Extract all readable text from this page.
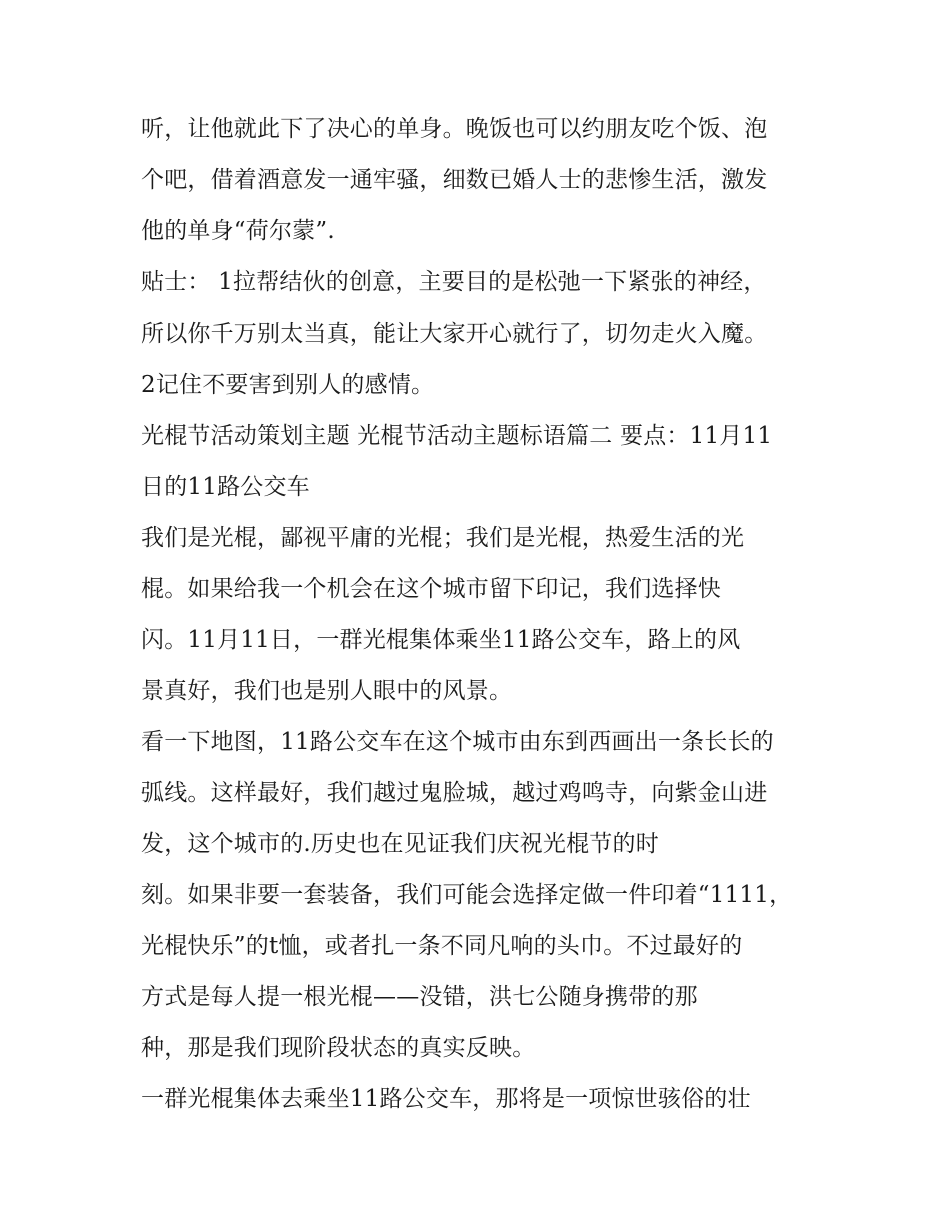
听，让他就此下了决心的单身。晚饭也可以约朋友吃个饭、泡
个吧，借着酒意发一通牢骚，细数已婚人士的悲惨生活，激发
他的单身“荷尔蒙”.
贴士： 1拉帮结伙的创意，主要目的是松弛一下紧张的神经，
所以你千万别太当真，能让大家开心就行了，切勿走火入魔。
2记住不要害到别人的感情。
光棍节活动策划主题 光棍节活动主题标语篇二 要点：11月11
日的11路公交车
我们是光棍，鄙视平庸的光棍；我们是光棍，热爱生活的光
棍。如果给我一个机会在这个城市留下印记，我们选择快
闪。11月11日，一群光棍集体乘坐11路公交车，路上的风
景真好，我们也是别人眼中的风景。
看一下地图，11路公交车在这个城市由东到西画出一条长长的
弧线。这样最好，我们越过鬼脸城，越过鸡鸣寺，向紫金山进
发，这个城市的.历史也在见证我们庆祝光棍节的时
刻。如果非要一套装备，我们可能会选择定做一件印着“1111，
光棍快乐”的t恤，或者扎一条不同凡响的头巾。不过最好的
方式是每人提一根光棍——没错，洪七公随身携带的那
种，那是我们现阶段状态的真实反映。
一群光棍集体去乘坐11路公交车，那将是一项惊世骇俗的壮
